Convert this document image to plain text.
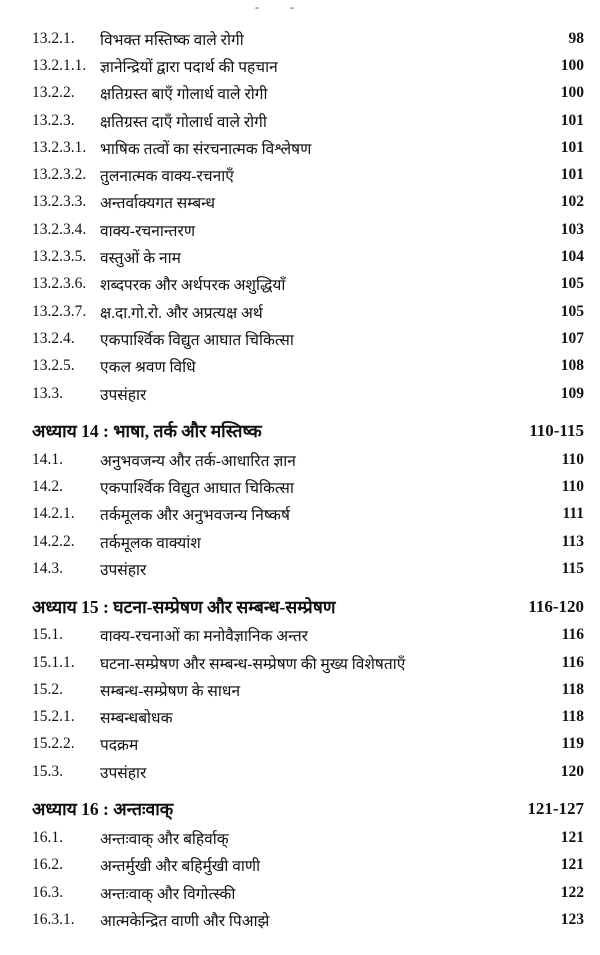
- -
13.2.1.	विभक्त मस्तिष्क वाले रोगी	98
13.2.1.1. ज्ञानेन्द्रियों द्वारा पदार्थ की पहचान	100
13.2.2.	क्षतिग्रस्त बाएँ गोलार्ध वाले रोगी	100
13.2.3.	क्षतिग्रस्त दाएँ गोलार्ध वाले रोगी	101
13.2.3.1. भाषिक तत्वों का संरचनात्मक विश्लेषण	101
13.2.3.2. तुलनात्मक वाक्य-रचनाएँ	101
13.2.3.3. अन्तर्वाक्यगत सम्बन्ध	102
13.2.3.4. वाक्य-रचनान्तरण	103
13.2.3.5. वस्तुओं के नाम	104
13.2.3.6. शब्दपरक और अर्थपरक अशुद्धियाँ	105
13.2.3.7. क्ष.दा.गो.रो. और अप्रत्यक्ष अर्थ	105
13.2.4.	एकपार्श्विक विद्युत आघात चिकित्सा	107
13.2.5.	एकल श्रवण विधि	108
13.3.	उपसंहार	109
अध्याय 14 : भाषा, तर्क और मस्तिष्क	110-115
14.1.	अनुभवजन्य और तर्क-आधारित ज्ञान	110
14.2.	एकपार्श्विक विद्युत आघात चिकित्सा	110
14.2.1.	तर्कमूलक और अनुभवजन्य निष्कर्ष	111
14.2.2.	तर्कमूलक वाक्यांश	113
14.3.	उपसंहार	115
अध्याय 15 : घटना-सम्प्रेषण और सम्बन्ध-सम्प्रेषण	116-120
15.1.	वाक्य-रचनाओं का मनोवैज्ञानिक अन्तर	116
15.1.1.	घटना-सम्प्रेषण और सम्बन्ध-सम्प्रेषण की मुख्य विशेषताएँ	116
15.2.	सम्बन्ध-सम्प्रेषण के साधन	118
15.2.1.	सम्बन्धबोधक	118
15.2.2.	पदक्रम	119
15.3.	उपसंहार	120
अध्याय 16 : अन्तःवाक्	121-127
16.1.	अन्तःवाक् और बहिर्वाक्	121
16.2.	अन्तर्मुखी और बहिर्मुखी वाणी	121
16.3.	अन्तःवाक् और विगोत्स्की	122
16.3.1.	आत्मकेन्द्रित वाणी और पिआझे	123
